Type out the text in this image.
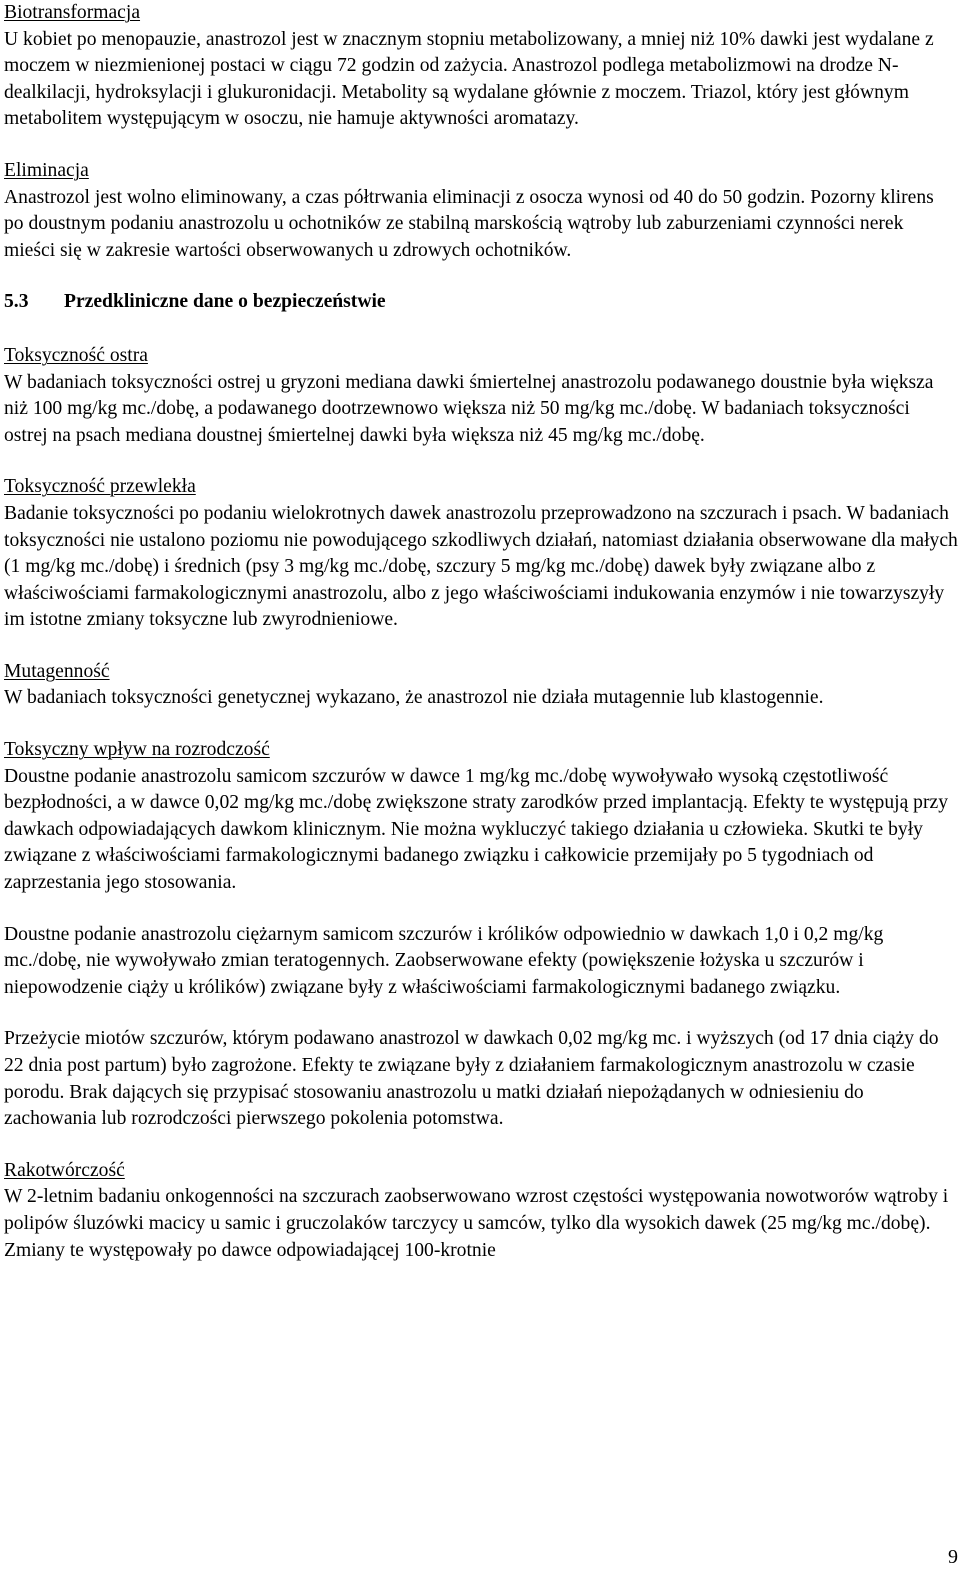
Biotransformacja

U kobiet po menopauzie, anastrozol jest w znacznym stopniu metabolizowany, a mniej niż 10% dawki jest wydalane z moczem w niezmienionej postaci w ciągu 72 godzin od zażycia. Anastrozol podlega metabolizmowi na drodze N-dealkilacji, hydroksylacji i glukuronidacji. Metabolity są wydalane głównie z moczem. Triazol, który jest głównym metabolitem występującym w osoczu, nie hamuje aktywności aromatazy.

Eliminacja

Anastrozol jest wolno eliminowany, a czas półtrwania eliminacji z osocza wynosi od 40 do 50 godzin. Pozorny klirens po doustnym podaniu anastrozolu u ochotników ze stabilną marskością wątroby lub zaburzeniami czynności nerek mieści się w zakresie wartości obserwowanych u zdrowych ochotników.

5.3	Przedkliniczne dane o bezpieczeństwie
Toksyczność ostra

W badaniach toksyczności ostrej u gryzoni mediana dawki śmiertelnej anastrozolu podawanego doustnie była większa niż 100 mg/kg mc./dobę, a podawanego dootrzewnowo większa niż 50 mg/kg mc./dobę. W badaniach toksyczności ostrej na psach mediana doustnej śmiertelnej dawki była większa niż 45 mg/kg mc./dobę.

Toksyczność przewlekła

Badanie toksyczności po podaniu wielokrotnych dawek anastrozolu przeprowadzono na szczurach i psach. W badaniach toksyczności nie ustalono poziomu nie powodującego szkodliwych działań, natomiast działania obserwowane dla małych (1 mg/kg mc./dobę) i średnich (psy 3 mg/kg mc./dobę, szczury 5 mg/kg mc./dobę) dawek były związane albo z właściwościami farmakologicznymi anastrozolu, albo z jego właściwościami indukowania enzymów i nie towarzyszyły im istotne zmiany toksyczne lub zwyrodnieniowe.

Mutagenność

W badaniach toksyczności genetycznej wykazano, że anastrozol nie działa mutagennie lub klastogennie.

Toksyczny wpływ na rozrodczość

Doustne podanie anastrozolu samicom szczurów w dawce 1 mg/kg mc./dobę wywoływało wysoką częstotliwość bezpłodności, a w dawce 0,02 mg/kg mc./dobę zwiększone straty zarodków przed implantacją. Efekty te występują przy dawkach odpowiadających dawkom klinicznym. Nie można wykluczyć takiego działania u człowieka. Skutki te były związane z właściwościami farmakologicznymi badanego związku i całkowicie przemijały po 5 tygodniach od zaprzestania jego stosowania.

Doustne podanie anastrozolu ciężarnym samicom szczurów i królików odpowiednio w dawkach 1,0 i 0,2 mg/kg mc./dobę, nie wywoływało zmian teratogennych. Zaobserwowane efekty (powiększenie łożyska u szczurów i niepowodzenie ciąży u królików) związane były z właściwościami farmakologicznymi badanego związku.

Przeżycie miotów szczurów, którym podawano anastrozol w dawkach 0,02 mg/kg mc. i wyższych (od 17 dnia ciąży do 22 dnia post partum) było zagrożone. Efekty te związane były z działaniem farmakologicznym anastrozolu w czasie porodu. Brak dających się przypisać stosowaniu anastrozolu u matki działań niepożądanych w odniesieniu do zachowania lub rozrodczości pierwszego pokolenia potomstwa.

Rakotwórczość

W 2-letnim badaniu onkogenności na szczurach zaobserwowano wzrost częstości występowania nowotworów wątroby i polipów śluzówki macicy u samic i gruczolaków tarczycy u samców, tylko dla wysokich dawek (25 mg/kg mc./dobę). Zmiany te występowały po dawce odpowiadającej 100-krotnie

9
